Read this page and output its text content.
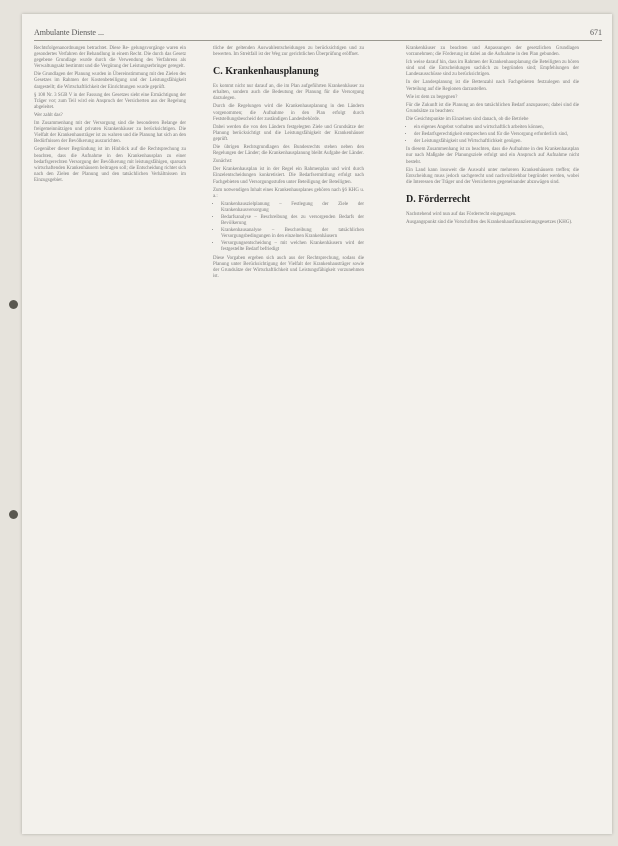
Ambulante Dienste ...	671

Rechtsfolgenanordnungen betrachtet. Diese Re- gelungsvorgänge waren ein gesondertes Verfahren der Behandlung in einem Recht. Die durch das Gesetz gegebene Grundlage wurde durch die Verwendung des Verfahrens als Verwaltungsakt bestimmt und die Vergütung der Leistungserbringer geregelt.

Die Grundlagen der Planung wurden in Übereinstimmung mit den Zielen des Gesetzes im Rahmen der Kostenbeteiligung und der Leistungsfähigkeit dargestellt; die Wirtschaftlichkeit der Einrichtungen wurde geprüft.

§ 108 Nr. 3 SGB V in der Fassung des Gesetzes sieht eine Ermächtigung der Träger vor; zum Teil wird ein Anspruch der Versicherten aus der Regelung abgeleitet.

Wer zahlt das?

Im Zusammenhang mit der Versorgung sind die besonderen Belange der freigemeinnützigen und privaten Krankenhäuser zu berücksichtigen. Die Vielfalt der Krankenhausträger ist zu wahren und die Planung hat sich an den Bedürfnissen der Bevölkerung auszurichten.

Gegenüber dieser Begründung ist im Hinblick auf die Rechtsprechung zu beachten, dass die Aufnahme in den Krankenhausplan zu einer bedarfsgerechten Versorgung der Bevölkerung mit leistungsfähigen, sparsam wirtschaftenden Krankenhäusern beitragen soll; die Entscheidung richtet sich nach den Zielen der Planung und den tatsächlichen Verhältnissen im Einzugsgebiet.

tliche der geltenden Auswahlentscheidungen zu berücksichtigen und zu bewerten. Im Streitfall ist der Weg zur gerichtlichen Überprüfung eröffnet.

C. Krankenhausplanung

Es kommt nicht nur darauf an, die im Plan aufgeführten Krankenhäuser zu erhalten, sondern auch die Bedeutung der Planung für die Versorgung darzulegen.

Durch die Regelungen wird die Krankenhausplanung in den Ländern vorgenommen; die Aufnahme in den Plan erfolgt durch Feststellungsbescheid der zuständigen Landesbehörde.

Dabei werden die von den Ländern festgelegten Ziele und Grundsätze der Planung berücksichtigt und die Leistungsfähigkeit der Krankenhäuser geprüft.

Die übrigen Rechtsgrundlagen des Bundesrechts stehen neben den Regelungen der Länder; die Krankenhausplanung bleibt Aufgabe der Länder.

Zunächst:

Der Krankenhausplan ist in der Regel ein Rahmenplan und wird durch Einzelentscheidungen konkretisiert. Die Bedarfsermittlung erfolgt nach Fachgebieten und Versorgungsstufen unter Beteiligung der Beteiligten.

Zum notwendigen Inhalt eines Krankenhausplanes gehören nach §6 KHG u. a.:

• Krankenhauszielplanung – Festlegung der Ziele der Krankenhausversorgung
• Bedarfsanalyse – Beschreibung des zu versorgenden Bedarfs der Bevölkerung
• Krankenhausanalyse – Beschreibung der tatsächlichen Versorgungsbedingungen in den einzelnen Krankenhäusern
• Versorgungsentscheidung – mit welchen Krankenhäusern wird der festgestellte Bedarf befriedigt

Diese Vorgaben ergeben sich auch aus der Rechtsprechung, sodass die Planung unter Berücksichtigung der Vielfalt der Krankenhausträger sowie der Grundsätze der Wirtschaftlichkeit und Leistungsfähigkeit vorzunehmen ist.

Krankenhäuser zu beachten und Anpassungen der gesetzlichen Grundlagen vorzunehmen; die Förderung ist dabei an die Aufnahme in den Plan gebunden.

Ich weise darauf hin, dass im Rahmen der Krankenhausplanung die Beteiligten zu hören sind und die Entscheidungen sachlich zu begründen sind; Empfehlungen der Landesausschüsse sind zu berücksichtigen.

In der Landesplanung ist die Bettenzahl nach Fachgebieten festzulegen und die Verteilung auf die Regionen darzustellen.

Wie ist dem zu begegnen?

Für die Zukunft ist die Planung an den tatsächlichen Bedarf anzupassen; dabei sind die Grundsätze zu beachten:

Die Gesichtspunkte im Einzelnen sind danach, ob die Betriebe

• ein eigenes Angebot vorhalten und wirtschaftlich arbeiten können,
• der Bedarfsgerechtigkeit entsprechen und für die Versorgung erforderlich sind,
• der Leistungsfähigkeit und Wirtschaftlichkeit genügen.

In diesem Zusammenhang ist zu beachten, dass die Aufnahme in den Krankenhausplan nur nach Maßgabe der Planungsziele erfolgt und ein Anspruch auf Aufnahme nicht besteht.

Ein Land kann insoweit die Auswahl unter mehreren Krankenhäusern treffen; die Entscheidung muss jedoch sachgerecht und nachvollziehbar begründet werden, wobei die Interessen der Träger und der Versicherten gegeneinander abzuwägen sind.

D. Förderrecht

Nachstehend wird nun auf das Förderrecht eingegangen.

Ausgangspunkt sind die Vorschriften des Krankenhausfinanzierungsgesetzes (KHG).
